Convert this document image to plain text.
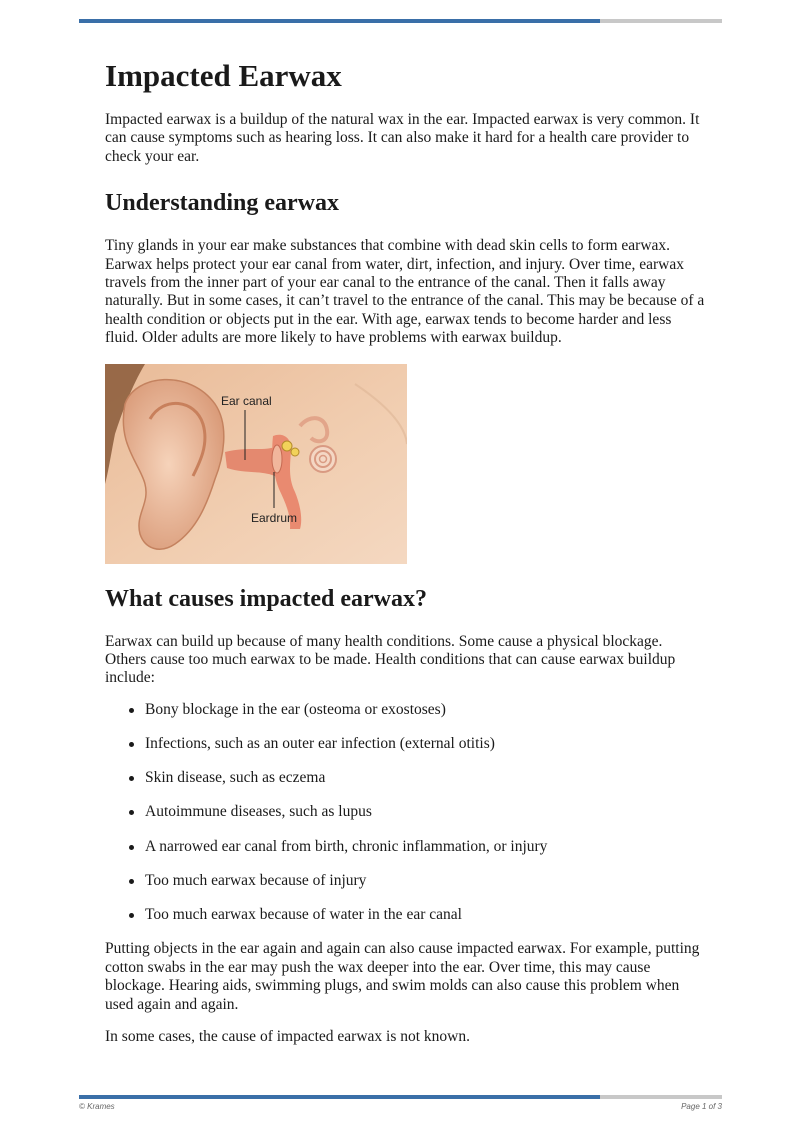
Impacted Earwax

Impacted earwax is a buildup of the natural wax in the ear. Impacted earwax is very common. It can cause symptoms such as hearing loss. It can also make it hard for a health care provider to check your ear.

Understanding earwax

Tiny glands in your ear make substances that combine with dead skin cells to form earwax. Earwax helps protect your ear canal from water, dirt, infection, and injury. Over time, earwax travels from the inner part of your ear canal to the entrance of the canal. Then it falls away naturally. But in some cases, it can’t travel to the entrance of the canal. This may be because of a health condition or objects put in the ear. With age, earwax tends to become harder and less fluid. Older adults are more likely to have problems with earwax buildup.

Ear canal
Eardrum
What causes impacted earwax?

Earwax can build up because of many health conditions. Some cause a physical blockage. Others cause too much earwax to be made. Health conditions that can cause earwax buildup include:

Bony blockage in the ear (osteoma or exostoses)
Infections, such as an outer ear infection (external otitis)
Skin disease, such as eczema
Autoimmune diseases, such as lupus
A narrowed ear canal from birth, chronic inflammation, or injury
Too much earwax because of injury
Too much earwax because of water in the ear canal

Putting objects in the ear again and again can also cause impacted earwax. For example, putting cotton swabs in the ear may push the wax deeper into the ear. Over time, this may cause blockage. Hearing aids, swimming plugs, and swim molds can also cause this problem when used again and again.

In some cases, the cause of impacted earwax is not known.

© Krames	Page 1 of 3
